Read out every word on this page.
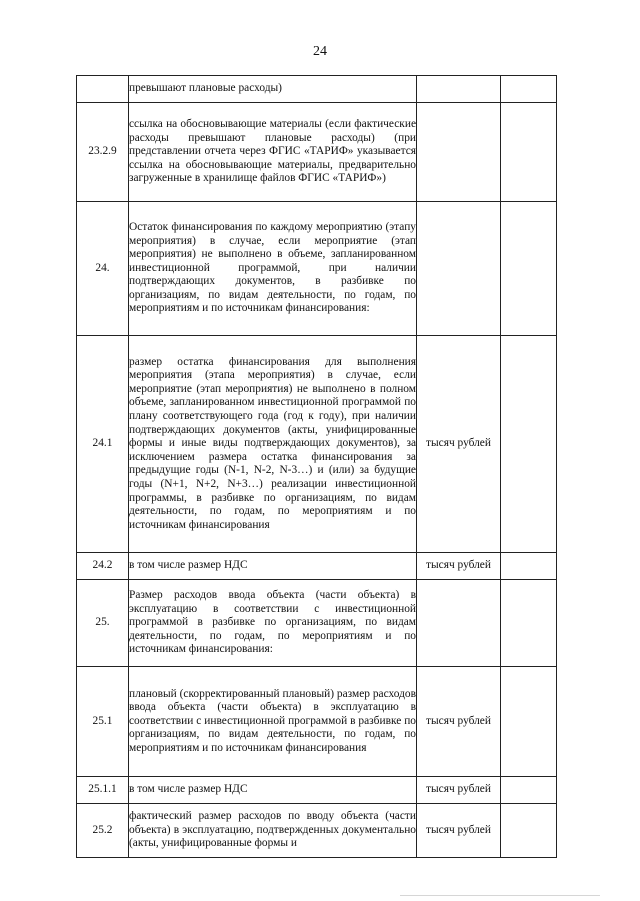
24
	превышают плановые расходы)		
23.2.9	ссылка на обосновывающие материалы (если фактические расходы превышают плановые расходы) (при представлении отчета через ФГИС «ТАРИФ» указывается ссылка на обосновывающие материалы, предварительно загруженные в хранилище файлов ФГИС «ТАРИФ»)		
24.	Остаток финансирования по каждому мероприятию (этапу мероприятия) в случае, если мероприятие (этап мероприятия) не выполнено в объеме, запланированном инвестиционной программой, при наличии подтверждающих документов, в разбивке по организациям, по видам деятельности, по годам, по мероприятиям и по источникам финансирования:		
24.1	размер остатка финансирования для выполнения мероприятия (этапа мероприятия) в случае, если мероприятие (этап мероприятия) не выполнено в полном объеме, запланированном инвестиционной программой по плану соответствующего года (год к году), при наличии подтверждающих документов (акты, унифицированные формы и иные виды подтверждающих документов), за исключением размера остатка финансирования за предыдущие годы (N-1, N-2, N-3…) и (или) за будущие годы (N+1, N+2, N+3…) реализации инвестиционной программы, в разбивке по организациям, по видам деятельности, по годам, по мероприятиям и по источникам финансирования	тысяч рублей	
24.2	в том числе размер НДС	тысяч рублей	
25.	Размер расходов ввода объекта (части объекта) в эксплуатацию в соответствии с инвестиционной программой в разбивке по организациям, по видам деятельности, по годам, по мероприятиям и по источникам финансирования:		
25.1	плановый (скорректированный плановый) размер расходов ввода объекта (части объекта) в эксплуатацию в соответствии с инвестиционной программой в разбивке по организациям, по видам деятельности, по годам, по мероприятиям и по источникам финансирования	тысяч рублей	
25.1.1	в том числе размер НДС	тысяч рублей	
25.2	фактический размер расходов по вводу объекта (части объекта) в эксплуатацию, подтвержденных документально (акты, унифицированные формы и	тысяч рублей	
